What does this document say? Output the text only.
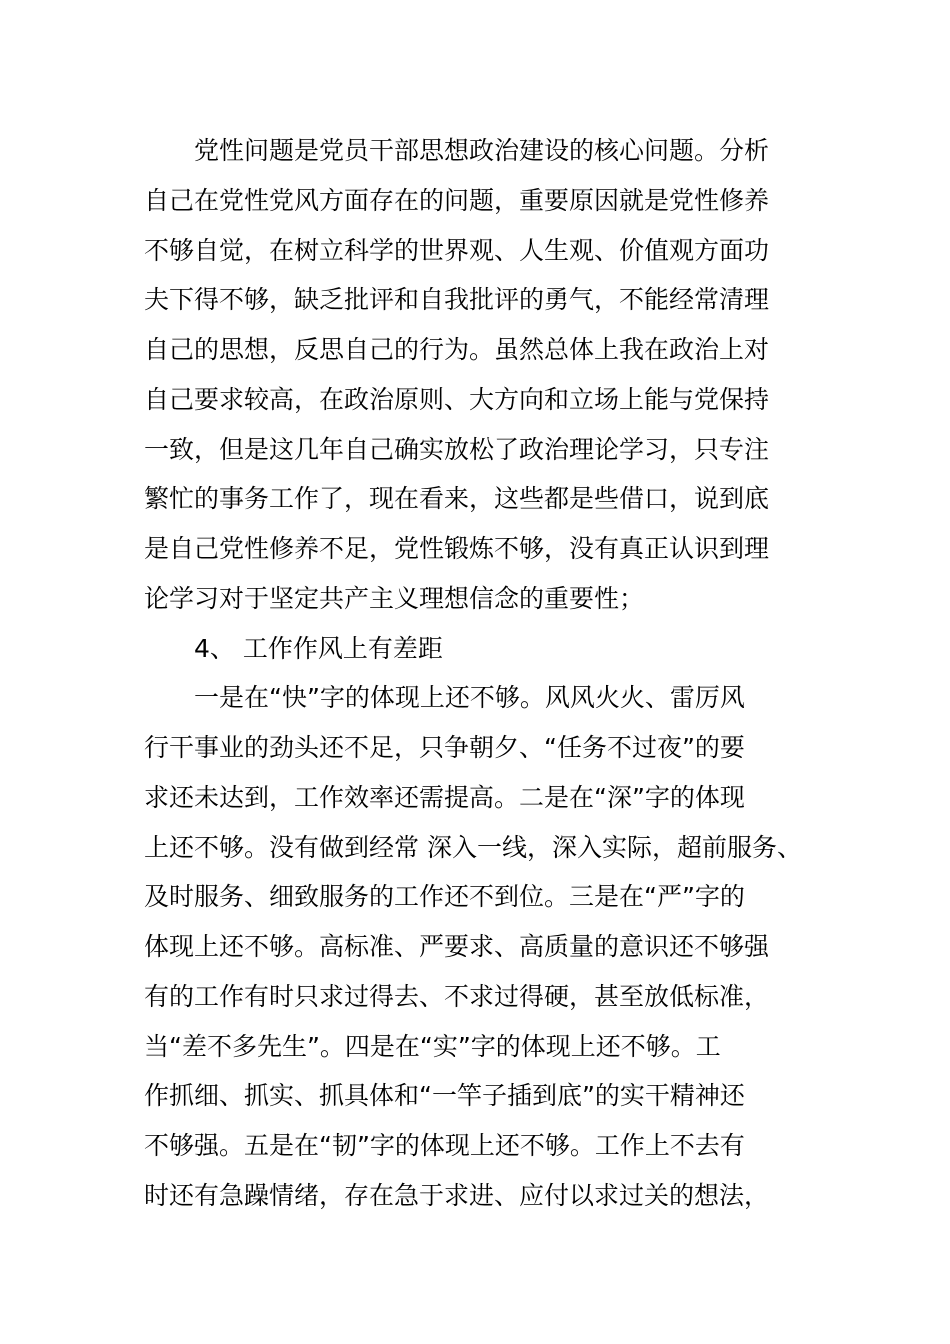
党性问题是党员干部思想政治建设的核心问题。分析
自己在党性党风方面存在的问题，重要原因就是党性修养
不够自觉，在树立科学的世界观、人生观、价值观方面功
夫下得不够，缺乏批评和自我批评的勇气，不能经常清理
自己的思想，反思自己的行为。虽然总体上我在政治上对
自己要求较高，在政治原则、大方向和立场上能与党保持
一致，但是这几年自己确实放松了政治理论学习，只专注
繁忙的事务工作了，现在看来，这些都是些借口，说到底
是自己党性修养不足，党性锻炼不够，没有真正认识到理
论学习对于坚定共产主义理想信念的重要性；
4、 工作作风上有差距
一是在“快”字的体现上还不够。风风火火、雷厉风
行干事业的劲头还不足，只争朝夕、“任务不过夜”的要
求还未达到，工作效率还需提高。二是在“深”字的体现
上还不够。没有做到经常 深入一线，深入实际，超前服务、
及时服务、细致服务的工作还不到位。三是在“严”字的
体现上还不够。高标准、严要求、高质量的意识还不够强
有的工作有时只求过得去、不求过得硬，甚至放低标准，
当“差不多先生”。四是在“实”字的体现上还不够。工
作抓细、抓实、抓具体和“一竿子插到底”的实干精神还
不够强。五是在“韧”字的体现上还不够。工作上不去有
时还有急躁情绪，存在急于求进、应付以求过关的想法，
